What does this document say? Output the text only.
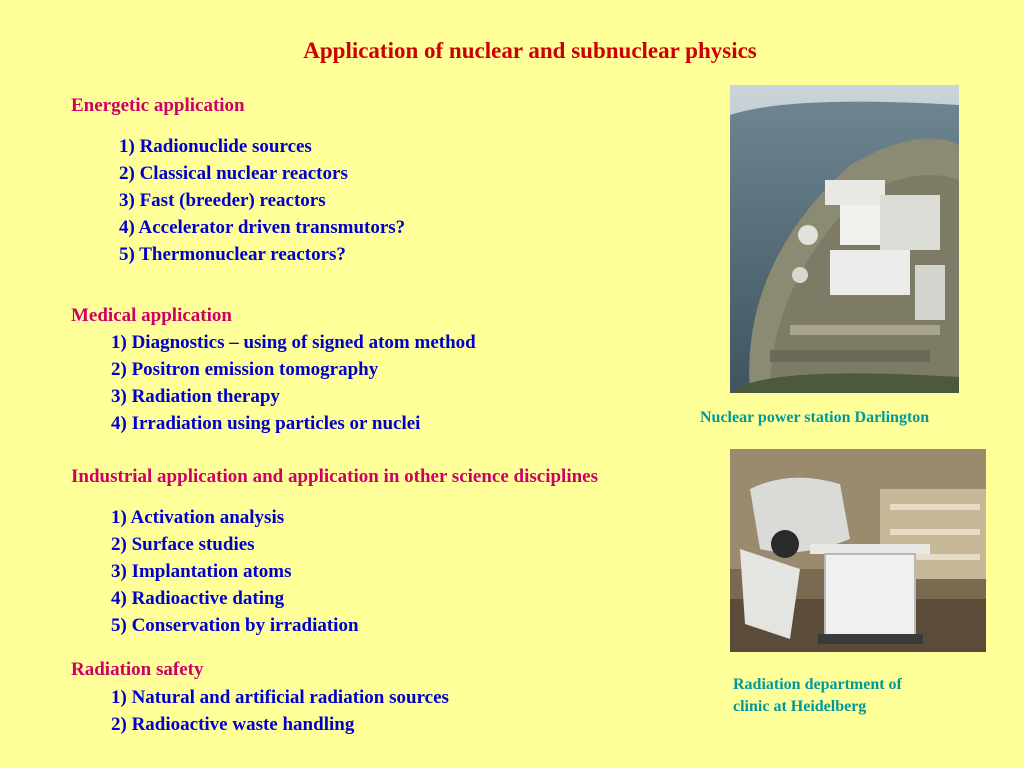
Application of nuclear and subnuclear physics
Energetic application
1) Radionuclide sources
2) Classical nuclear reactors
3) Fast (breeder) reactors
4) Accelerator driven transmutors?
5) Thermonuclear reactors?
Medical application
1) Diagnostics – using of signed atom method
2) Positron emission tomography
3) Radiation therapy
4) Irradiation using particles or nuclei
Industrial application and application in other science disciplines
1) Activation analysis
2) Surface studies
3) Implantation atoms
4) Radioactive dating
5) Conservation by irradiation
Radiation safety
1) Natural and artificial radiation sources
2) Radioactive waste handling
Nuclear power station Darlington
Radiation department of
clinic at Heidelberg
